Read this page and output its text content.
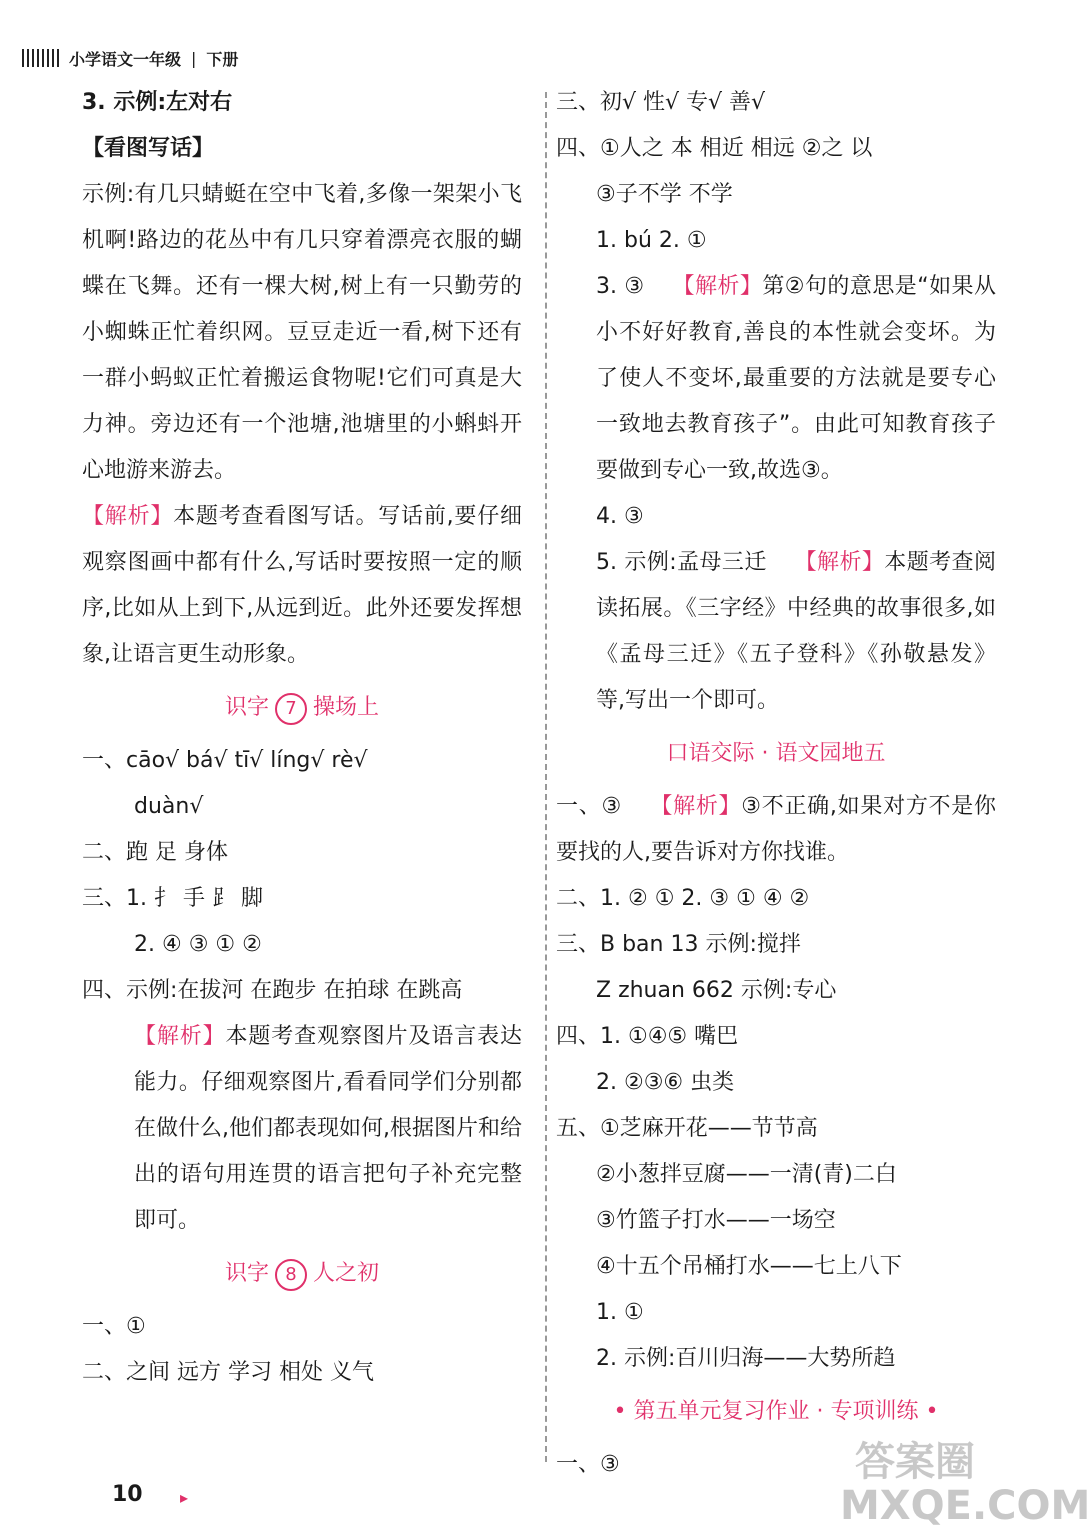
小学语文一年级 | 下册

3. 示例:左对右

【看图写话】

示例:有几只蜻蜓在空中飞着,多像一架架小飞机啊!路边的花丛中有几只穿着漂亮衣服的蝴蝶在飞舞。还有一棵大树,树上有一只勤劳的小蜘蛛正忙着织网。豆豆走近一看,树下还有一群小蚂蚁正忙着搬运食物呢!它们可真是大力神。旁边还有一个池塘,池塘里的小蝌蚪开心地游来游去。

【解析】本题考查看图写话。写话前,要仔细观察图画中都有什么,写话时要按照一定的顺序,比如从上到下,从远到近。此外还要发挥想象,让语言更生动形象。

识字 7 操场上

一、cāo√ bá√ tī√ líng√ rè√

duàn√

二、跑 足 身体

三、1. 扌 手 ⻊ 脚

2. ④ ③ ① ②

四、示例:在拔河 在跑步 在拍球 在跳高

【解析】本题考查观察图片及语言表达能力。仔细观察图片,看看同学们分别都在做什么,他们都表现如何,根据图片和给出的语句用连贯的语言把句子补充完整即可。

识字 8 人之初

一、①

二、之间 远方 学习 相处 义气

三、初√ 性√ 专√ 善√

四、①人之 本 相近 相远 ②之 以

③子不学 不学

1. bú 2. ①

3. ③ 【解析】第②句的意思是“如果从小不好好教育,善良的本性就会变坏。为了使人不变坏,最重要的方法就是要专心一致地去教育孩子”。由此可知教育孩子要做到专心一致,故选③。

4. ③

5. 示例:孟母三迁 【解析】本题考查阅读拓展。《三字经》中经典的故事很多,如《孟母三迁》《五子登科》《孙敬悬发》等,写出一个即可。

口语交际 · 语文园地五

一、③ 【解析】③不正确,如果对方不是你要找的人,要告诉对方你找谁。

二、1. ② ① 2. ③ ① ④ ②

三、B ban 13 示例:搅拌

Z zhuan 662 示例:专心

四、1. ①④⑤ 嘴巴

2. ②③⑥ 虫类

五、①芝麻开花——节节高

②小葱拌豆腐——一清(青)二白

③竹篮子打水——一场空

④十五个吊桶打水——七上八下

1. ①

2. 示例:百川归海——大势所趋

• 第五单元复习作业 · 专项训练 •

一、③

10 ▸
答案圈 MXQE.COM
